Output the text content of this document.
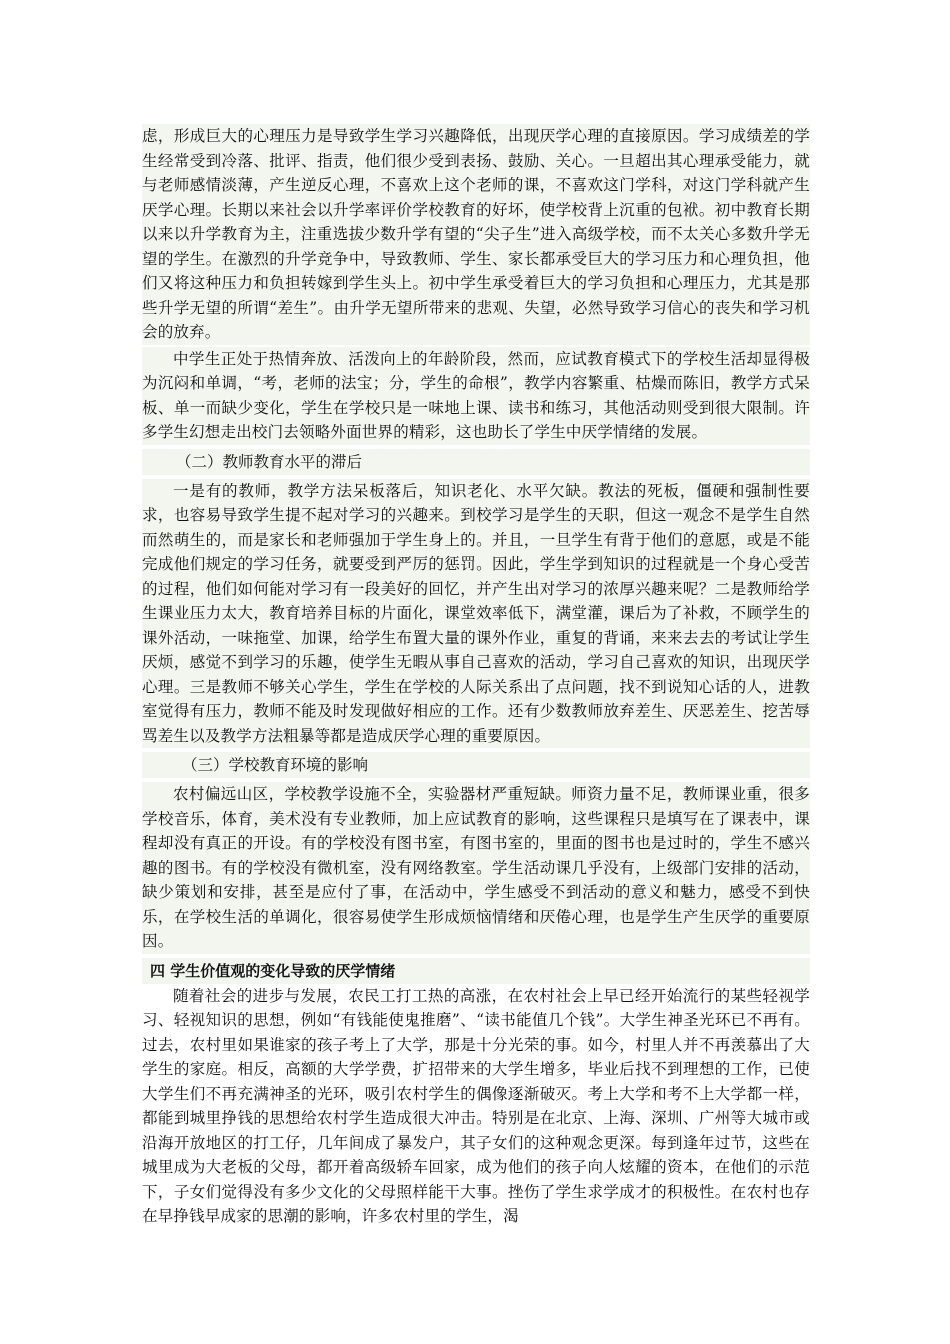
虑，形成巨大的心理压力是导致学生学习兴趣降低，出现厌学心理的直接原因。学习成绩差的学生经常受到冷落、批评、指责，他们很少受到表扬、鼓励、关心。一旦超出其心理承受能力，就与老师感情淡薄，产生逆反心理，不喜欢上这个老师的课，不喜欢这门学科，对这门学科就产生厌学心理。长期以来社会以升学率评价学校教育的好坏，使学校背上沉重的包袱。初中教育长期以来以升学教育为主，注重选拔少数升学有望的“尖子生”进入高级学校，而不太关心多数升学无望的学生。在激烈的升学竞争中，导致教师、学生、家长都承受巨大的学习压力和心理负担，他们又将这种压力和负担转嫁到学生头上。初中学生承受着巨大的学习负担和心理压力，尤其是那些升学无望的所谓“差生”。由升学无望所带来的悲观、失望，必然导致学习信心的丧失和学习机会的放弃。

中学生正处于热情奔放、活泼向上的年龄阶段，然而，应试教育模式下的学校生活却显得极为沉闷和单调，“考，老师的法宝；分，学生的命根”，教学内容繁重、枯燥而陈旧，教学方式呆板、单一而缺少变化，学生在学校只是一味地上课、读书和练习，其他活动则受到很大限制。许多学生幻想走出校门去领略外面世界的精彩，这也助长了学生中厌学情绪的发展。

（二）教师教育水平的滞后

一是有的教师，教学方法呆板落后，知识老化、水平欠缺。教法的死板，僵硬和强制性要求，也容易导致学生提不起对学习的兴趣来。到校学习是学生的天职，但这一观念不是学生自然而然萌生的，而是家长和老师强加于学生身上的。并且，一旦学生有背于他们的意愿，或是不能完成他们规定的学习任务，就要受到严厉的惩罚。因此，学生学到知识的过程就是一个身心受苦的过程，他们如何能对学习有一段美好的回忆，并产生出对学习的浓厚兴趣来呢？二是教师给学生课业压力太大，教育培养目标的片面化，课堂效率低下，满堂灌，课后为了补救，不顾学生的课外活动，一味拖堂、加课，给学生布置大量的课外作业，重复的背诵，来来去去的考试让学生厌烦，感觉不到学习的乐趣，使学生无暇从事自己喜欢的活动，学习自己喜欢的知识，出现厌学心理。三是教师不够关心学生，学生在学校的人际关系出了点问题，找不到说知心话的人，进教室觉得有压力，教师不能及时发现做好相应的工作。还有少数教师放弃差生、厌恶差生、挖苦辱骂差生以及教学方法粗暴等都是造成厌学心理的重要原因。

（三）学校教育环境的影响

农村偏远山区，学校教学设施不全，实验器材严重短缺。师资力量不足，教师课业重，很多学校音乐，体育，美术没有专业教师，加上应试教育的影响，这些课程只是填写在了课表中，课程却没有真正的开设。有的学校没有图书室，有图书室的，里面的图书也是过时的，学生不感兴趣的图书。有的学校没有微机室，没有网络教室。学生活动课几乎没有，上级部门安排的活动，缺少策划和安排，甚至是应付了事，在活动中，学生感受不到活动的意义和魅力，感受不到快乐，在学校生活的单调化，很容易使学生形成烦恼情绪和厌倦心理，也是学生产生厌学的重要原因。

四 学生价值观的变化导致的厌学情绪

随着社会的进步与发展，农民工打工热的高涨，在农村社会上早已经开始流行的某些轻视学习、轻视知识的思想，例如“有钱能使鬼推磨”、“读书能值几个钱”。大学生神圣光环已不再有。过去，农村里如果谁家的孩子考上了大学，那是十分光荣的事。如今，村里人并不再羡慕出了大学生的家庭。相反，高额的大学学费，扩招带来的大学生增多，毕业后找不到理想的工作，已使大学生们不再充满神圣的光环，吸引农村学生的偶像逐渐破灭。考上大学和考不上大学都一样，都能到城里挣钱的思想给农村学生造成很大冲击。特别是在北京、上海、深圳、广州等大城市或沿海开放地区的打工仔，几年间成了暴发户，其子女们的这种观念更深。每到逢年过节，这些在城里成为大老板的父母，都开着高级轿车回家，成为他们的孩子向人炫耀的资本，在他们的示范下，子女们觉得没有多少文化的父母照样能干大事。挫伤了学生求学成才的积极性。在农村也存在早挣钱早成家的思潮的影响，许多农村里的学生，渴
